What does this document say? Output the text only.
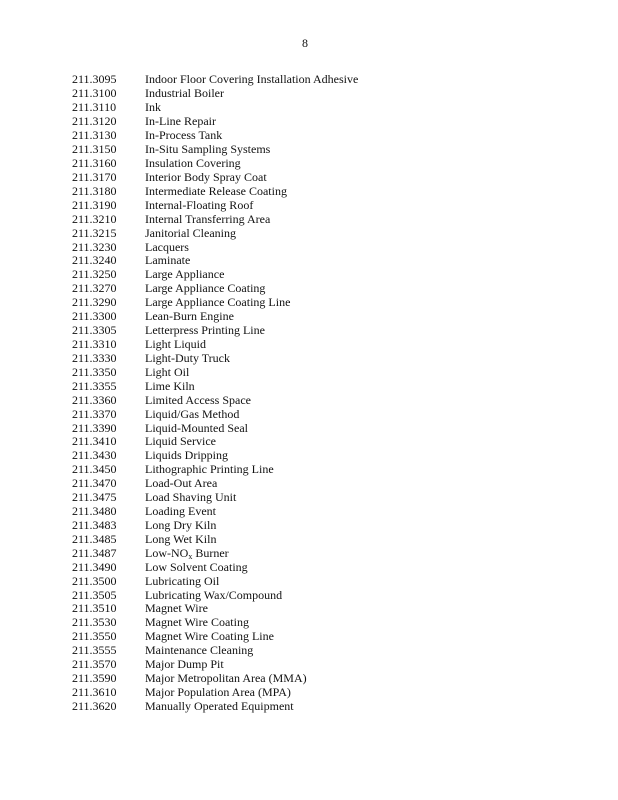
8
211.3095	Indoor Floor Covering Installation Adhesive
211.3100	Industrial Boiler
211.3110	Ink
211.3120	In-Line Repair
211.3130	In-Process Tank
211.3150	In-Situ Sampling Systems
211.3160	Insulation Covering
211.3170	Interior Body Spray Coat
211.3180	Intermediate Release Coating
211.3190	Internal-Floating Roof
211.3210	Internal Transferring Area
211.3215	Janitorial Cleaning
211.3230	Lacquers
211.3240	Laminate
211.3250	Large Appliance
211.3270	Large Appliance Coating
211.3290	Large Appliance Coating Line
211.3300	Lean-Burn Engine
211.3305	Letterpress Printing Line
211.3310	Light Liquid
211.3330	Light-Duty Truck
211.3350	Light Oil
211.3355	Lime Kiln
211.3360	Limited Access Space
211.3370	Liquid/Gas Method
211.3390	Liquid-Mounted Seal
211.3410	Liquid Service
211.3430	Liquids Dripping
211.3450	Lithographic Printing Line
211.3470	Load-Out Area
211.3475	Load Shaving Unit
211.3480	Loading Event
211.3483	Long Dry Kiln
211.3485	Long Wet Kiln
211.3487	Low-$NO_x$ Burner
211.3490	Low Solvent Coating
211.3500	Lubricating Oil
211.3505	Lubricating Wax/Compound
211.3510	Magnet Wire
211.3530	Magnet Wire Coating
211.3550	Magnet Wire Coating Line
211.3555	Maintenance Cleaning
211.3570	Major Dump Pit
211.3590	Major Metropolitan Area (MMA)
211.3610	Major Population Area (MPA)
211.3620	Manually Operated Equipment
